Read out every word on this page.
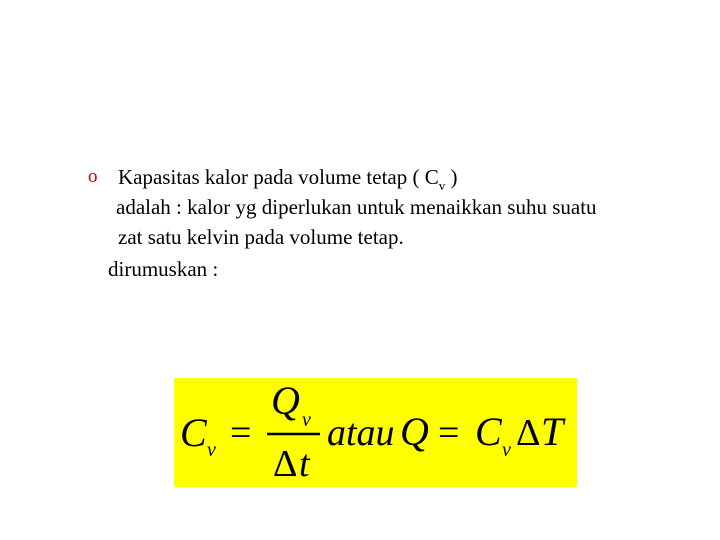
o Kapasitas kalor pada volume tetap ( $C_v$ )
adalah : kalor yg diperlukan untuk menaikkan suhu suatu
zat satu kelvin pada volume tetap.
dirumuskan :
C v =
Q v
Δ t
atau Q = C v Δ T
